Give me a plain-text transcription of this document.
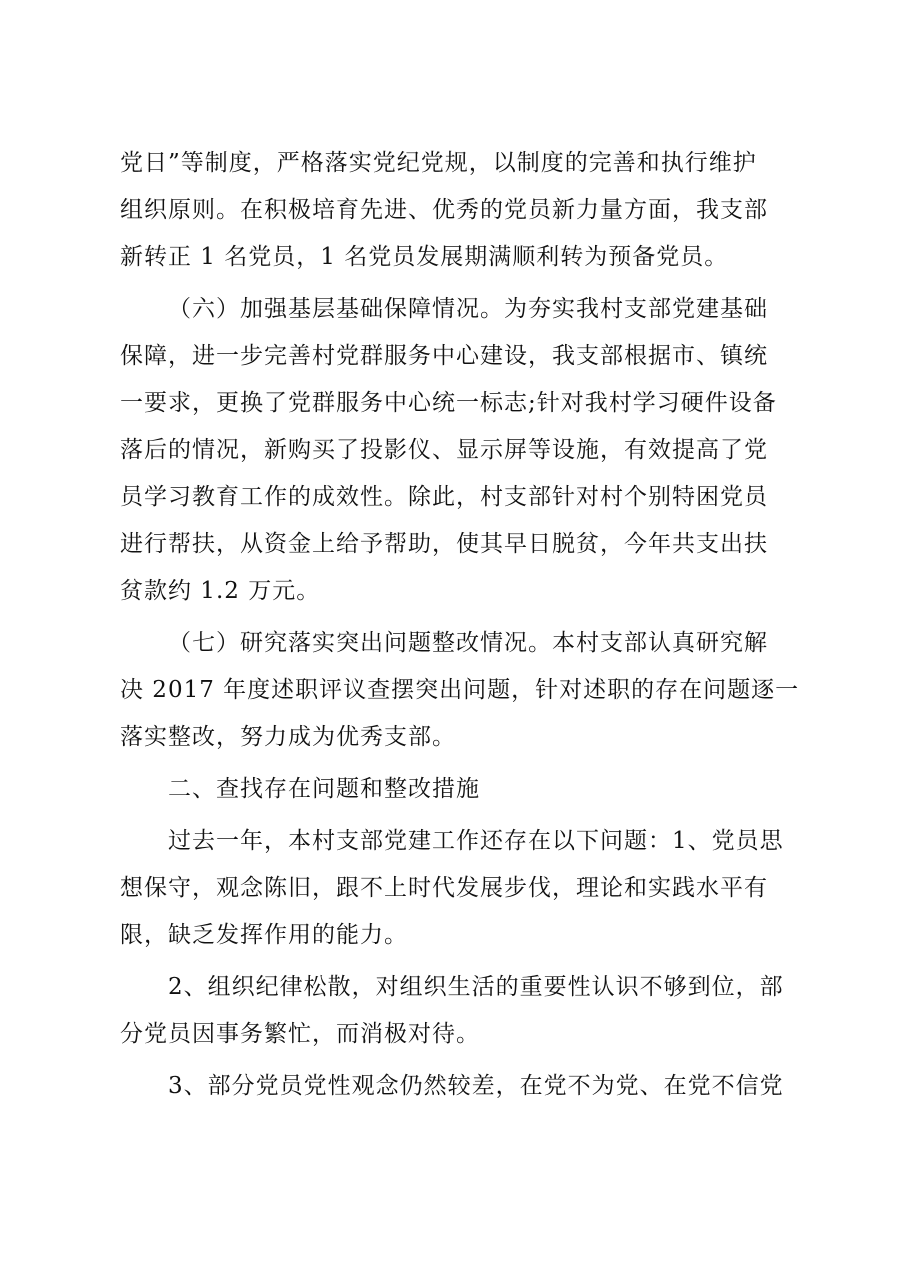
党日”等制度，严格落实党纪党规，以制度的完善和执行维护
组织原则。在积极培育先进、优秀的党员新力量方面，我支部
新转正 1 名党员，1 名党员发展期满顺利转为预备党员。
（六）加强基层基础保障情况。为夯实我村支部党建基础
保障，进一步完善村党群服务中心建设，我支部根据市、镇统
一要求，更换了党群服务中心统一标志;针对我村学习硬件设备
落后的情况，新购买了投影仪、显示屏等设施，有效提高了党
员学习教育工作的成效性。除此，村支部针对村个别特困党员
进行帮扶，从资金上给予帮助，使其早日脱贫，今年共支出扶
贫款约 1.2 万元。
（七）研究落实突出问题整改情况。本村支部认真研究解
决 2017 年度述职评议查摆突出问题，针对述职的存在问题逐一
落实整改，努力成为优秀支部。
二、查找存在问题和整改措施
过去一年，本村支部党建工作还存在以下问题：1、党员思
想保守，观念陈旧，跟不上时代发展步伐，理论和实践水平有
限，缺乏发挥作用的能力。
2、组织纪律松散，对组织生活的重要性认识不够到位，部
分党员因事务繁忙，而消极对待。
3、部分党员党性观念仍然较差，在党不为党、在党不信党
